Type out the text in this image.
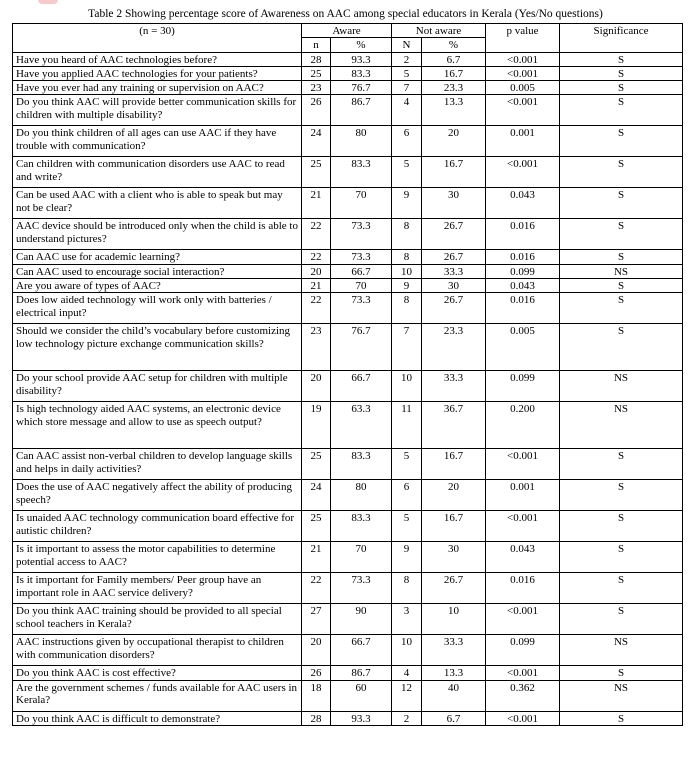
Table 2 Showing percentage score of Awareness on AAC among special educators in Kerala (Yes/No questions)
(n = 30)	Aware		Not aware		p value	Significance
	n	%	N	%		
Have you heard of AAC technologies before?	28	93.3	2	6.7	<0.001	S
Have you applied AAC technologies for your patients?	25	83.3	5	16.7	<0.001	S
Have you ever had any training or supervision on AAC?	23	76.7	7	23.3	0.005	S
Do you think AAC will provide better communication skills for children with multiple disability?	26	86.7	4	13.3	<0.001	S
Do you think children of all ages can use AAC if they have trouble with communication?	24	80	6	20	0.001	S
Can children with communication disorders use AAC to read and write?	25	83.3	5	16.7	<0.001	S
Can be used AAC with a client who is able to speak but may not be clear?	21	70	9	30	0.043	S
AAC device should be introduced only when the child is able to understand pictures?	22	73.3	8	26.7	0.016	S
Can AAC use for academic learning?	22	73.3	8	26.7	0.016	S
Can AAC used to encourage social interaction?	20	66.7	10	33.3	0.099	NS
Are you aware of types of AAC?	21	70	9	30	0.043	S
Does low aided technology will work only with batteries / electrical input?	22	73.3	8	26.7	0.016	S
Should we consider the child’s vocabulary before customizing low technology picture exchange communication skills?	23	76.7	7	23.3	0.005	S
Do your school provide AAC setup for children with multiple disability?	20	66.7	10	33.3	0.099	NS
Is high technology aided AAC systems, an electronic device which store message and allow to use as speech output?	19	63.3	11	36.7	0.200	NS
Can AAC assist non-verbal children to develop language skills and helps in daily activities?	25	83.3	5	16.7	<0.001	S
Does the use of AAC negatively affect the ability of producing speech?	24	80	6	20	0.001	S
Is unaided AAC technology communication board effective for autistic children?	25	83.3	5	16.7	<0.001	S
Is it important to assess the motor capabilities to determine potential access to AAC?	21	70	9	30	0.043	S
Is it important for Family members/ Peer group have an important role in AAC service delivery?	22	73.3	8	26.7	0.016	S
Do you think AAC training should be provided to all special school teachers in Kerala?	27	90	3	10	<0.001	S
AAC instructions given by occupational therapist to children with communication disorders?	20	66.7	10	33.3	0.099	NS
Do you think AAC is cost effective?	26	86.7	4	13.3	<0.001	S
Are the government schemes / funds available for AAC users in Kerala?	18	60	12	40	0.362	NS
Do you think AAC is difficult to demonstrate?	28	93.3	2	6.7	<0.001	S
